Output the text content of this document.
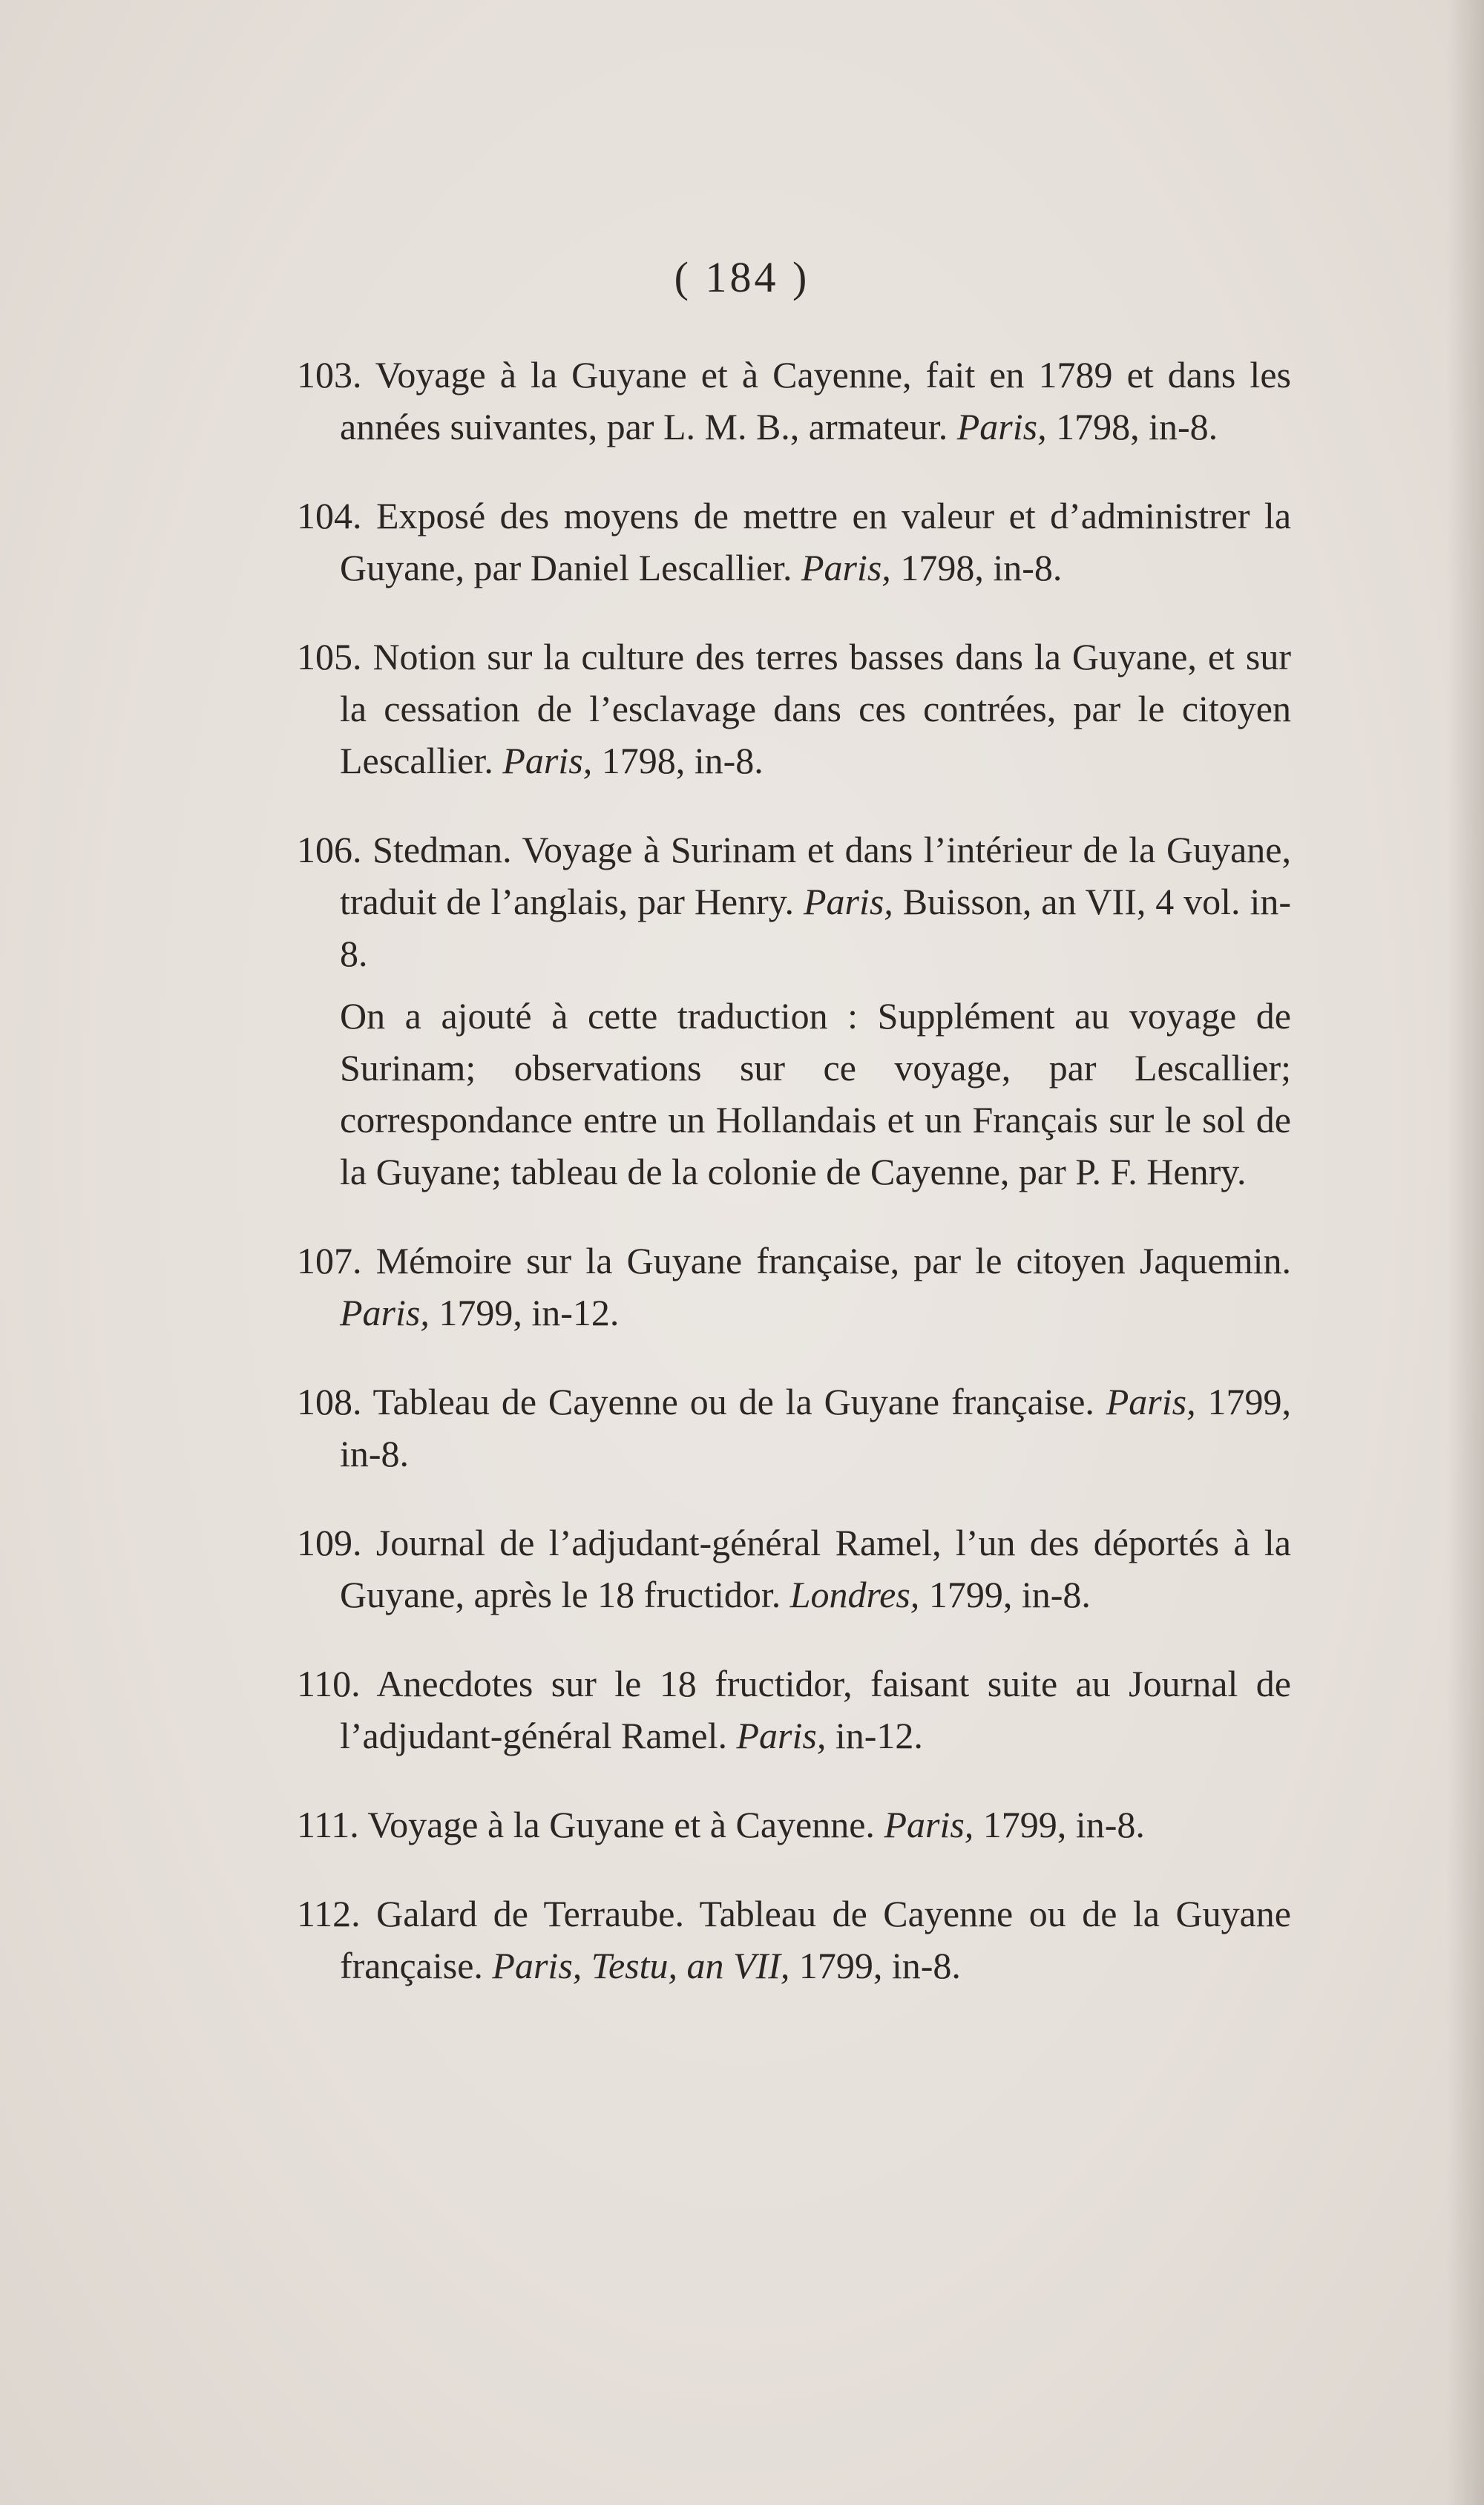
( 184 )

103. Voyage à la Guyane et à Cayenne, fait en 1789 et dans les années suivantes, par L. M. B., armateur. Paris, 1798, in-8.

104. Exposé des moyens de mettre en valeur et d’administrer la Guyane, par Daniel Lescallier. Paris, 1798, in-8.

105. Notion sur la culture des terres basses dans la Guyane, et sur la cessation de l’esclavage dans ces contrées, par le citoyen Lescallier. Paris, 1798, in-8.

106. Stedman. Voyage à Surinam et dans l’intérieur de la Guyane, traduit de l’anglais, par Henry. Paris, Buisson, an VII, 4 vol. in-8.

On a ajouté à cette traduction : Supplément au voyage de Surinam; observations sur ce voyage, par Lescallier; correspondance entre un Hollandais et un Français sur le sol de la Guyane; tableau de la colonie de Cayenne, par P. F. Henry.

107. Mémoire sur la Guyane française, par le citoyen Jaquemin. Paris, 1799, in-12.

108. Tableau de Cayenne ou de la Guyane française. Paris, 1799, in-8.

109. Journal de l’adjudant-général Ramel, l’un des déportés à la Guyane, après le 18 fructidor. Londres, 1799, in-8.

110. Anecdotes sur le 18 fructidor, faisant suite au Journal de l’adjudant-général Ramel. Paris, in-12.

111. Voyage à la Guyane et à Cayenne. Paris, 1799, in-8.

112. Galard de Terraube. Tableau de Cayenne ou de la Guyane française. Paris, Testu, an VII, 1799, in-8.
